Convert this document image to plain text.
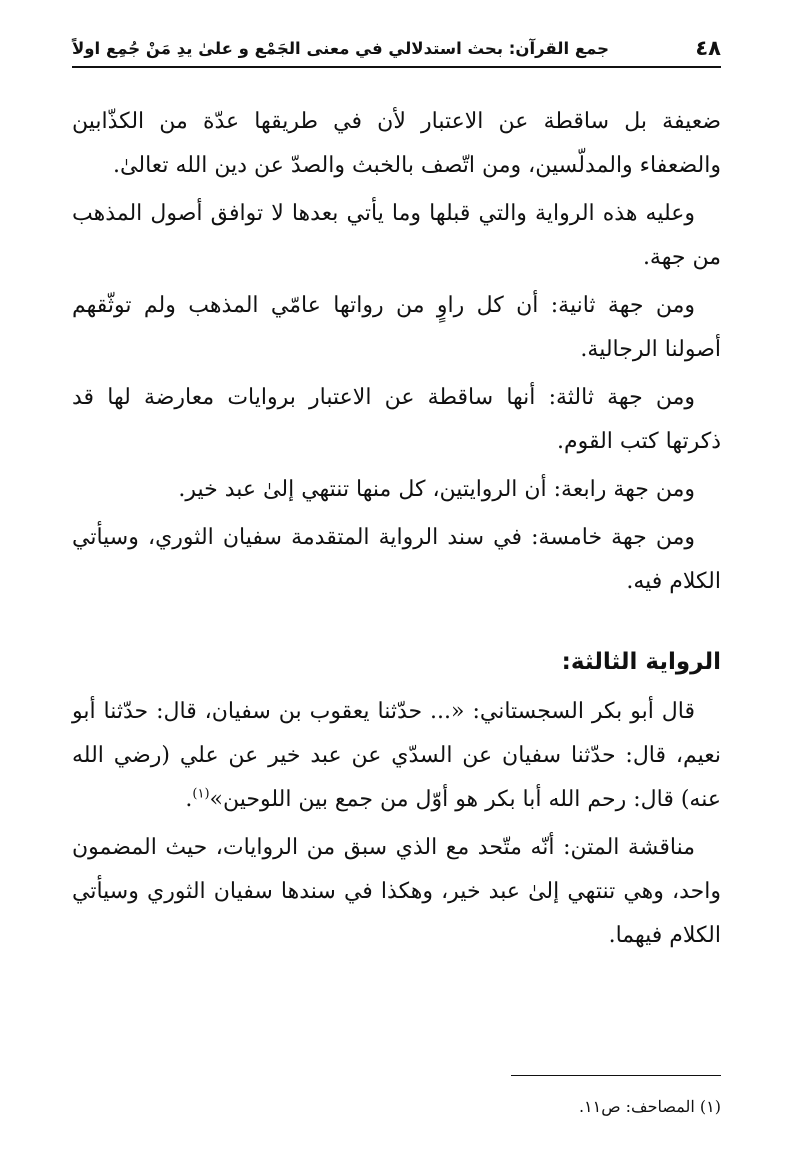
٤٨
جمع القرآن: بحث استدلالي في معنى الجَمْع و علىٰ يدِ مَنْ جُمِع اولاً

ضعيفة بل ساقطة عن الاعتبار لأن في طريقها عدّة من الكذّابين والضعفاء والمدلّسين، ومن اتّصف بالخبث والصدّ عن دين الله تعالىٰ.

وعليه هذه الرواية والتي قبلها وما يأتي بعدها لا توافق أصول المذهب من جهة.

ومن جهة ثانية: أن كل راوٍ من رواتها عامّي المذهب ولم توثّقهم أصولنا الرجالية.

ومن جهة ثالثة: أنها ساقطة عن الاعتبار بروايات معارضة لها قد ذكرتها كتب القوم.

ومن جهة رابعة: أن الروايتين، كل منها تنتهي إلىٰ عبد خير.

ومن جهة خامسة: في سند الرواية المتقدمة سفيان الثوري، وسيأتي الكلام فيه.

الرواية الثالثة:

قال أبو بكر السجستاني: «... حدّثنا يعقوب بن سفيان، قال: حدّثنا أبو نعيم، قال: حدّثنا سفيان عن السدّي عن عبد خير عن علي (رضي الله عنه) قال: رحم الله أبا بكر هو أوّل من جمع بين اللوحين»$^{(١)}$.

مناقشة المتن: أنّه متّحد مع الذي سبق من الروايات، حيث المضمون واحد، وهي تنتهي إلىٰ عبد خير، وهكذا في سندها سفيان الثوري وسيأتي الكلام فيهما.

(١) المصاحف: ص١١.
